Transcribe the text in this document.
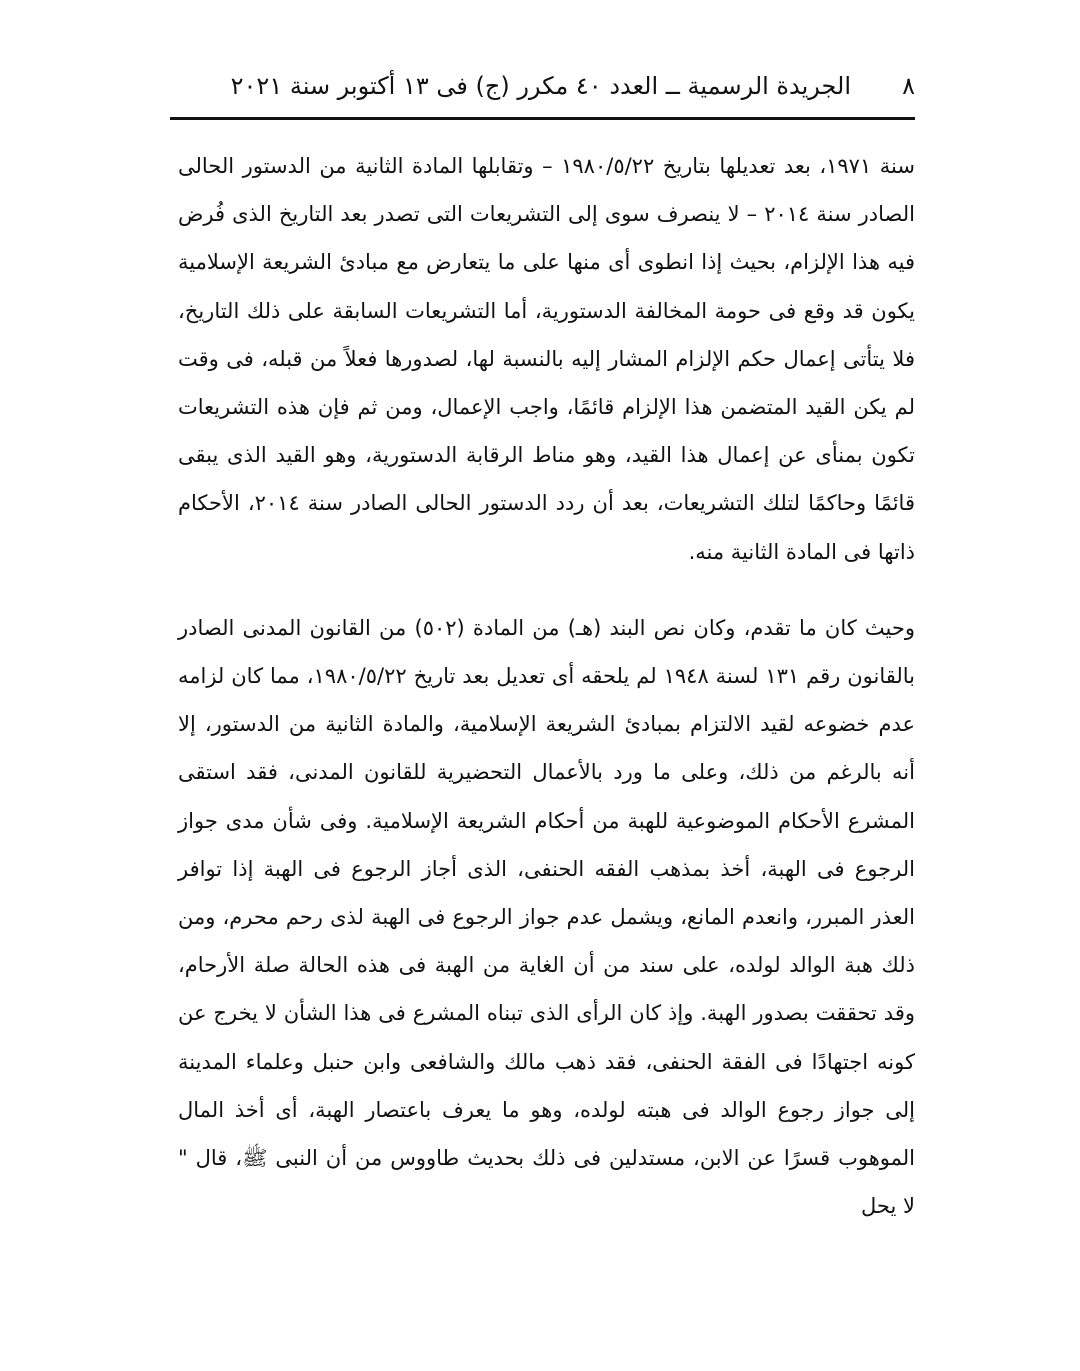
٨
الجريدة الرسمية ــ العدد ٤٠ مكرر (ج) فى ١٣ أكتوبر سنة ٢٠٢١

سنة ١٩٧١، بعد تعديلها بتاريخ ١٩٨٠/٥/٢٢ – وتقابلها المادة الثانية من الدستور الحالى الصادر سنة ٢٠١٤ – لا ينصرف سوى إلى التشريعات التى تصدر بعد التاريخ الذى فُرض فيه هذا الإلزام، بحيث إذا انطوى أى منها على ما يتعارض مع مبادئ الشريعة الإسلامية يكون قد وقع فى حومة المخالفة الدستورية، أما التشريعات السابقة على ذلك التاريخ، فلا يتأتى إعمال حكم الإلزام المشار إليه بالنسبة لها، لصدورها فعلاً من قبله، فى وقت لم يكن القيد المتضمن هذا الإلزام قائمًا، واجب الإعمال، ومن ثم فإن هذه التشريعات تكون بمنأى عن إعمال هذا القيد، وهو مناط الرقابة الدستورية، وهو القيد الذى يبقى قائمًا وحاكمًا لتلك التشريعات، بعد أن ردد الدستور الحالى الصادر سنة ٢٠١٤، الأحكام ذاتها فى المادة الثانية منه.

وحيث كان ما تقدم، وكان نص البند (هـ) من المادة (٥٠٢) من القانون المدنى الصادر بالقانون رقم ١٣١ لسنة ١٩٤٨ لم يلحقه أى تعديل بعد تاريخ ١٩٨٠/٥/٢٢، مما كان لزامه عدم خضوعه لقيد الالتزام بمبادئ الشريعة الإسلامية، والمادة الثانية من الدستور، إلا أنه بالرغم من ذلك، وعلى ما ورد بالأعمال التحضيرية للقانون المدنى، فقد استقى المشرع الأحكام الموضوعية للهبة من أحكام الشريعة الإسلامية. وفى شأن مدى جواز الرجوع فى الهبة، أخذ بمذهب الفقه الحنفى، الذى أجاز الرجوع فى الهبة إذا توافر العذر المبرر، وانعدم المانع، ويشمل عدم جواز الرجوع فى الهبة لذى رحم محرم، ومن ذلك هبة الوالد لولده، على سند من أن الغاية من الهبة فى هذه الحالة صلة الأرحام، وقد تحققت بصدور الهبة. وإذ كان الرأى الذى تبناه المشرع فى هذا الشأن لا يخرج عن كونه اجتهادًا فى الفقة الحنفى، فقد ذهب مالك والشافعى وابن حنبل وعلماء المدينة إلى جواز رجوع الوالد فى هبته لولده، وهو ما يعرف باعتصار الهبة، أى أخذ المال الموهوب قسرًا عن الابن، مستدلين فى ذلك بحديث طاووس من أن النبى ﷺ، قال " لا يحل
